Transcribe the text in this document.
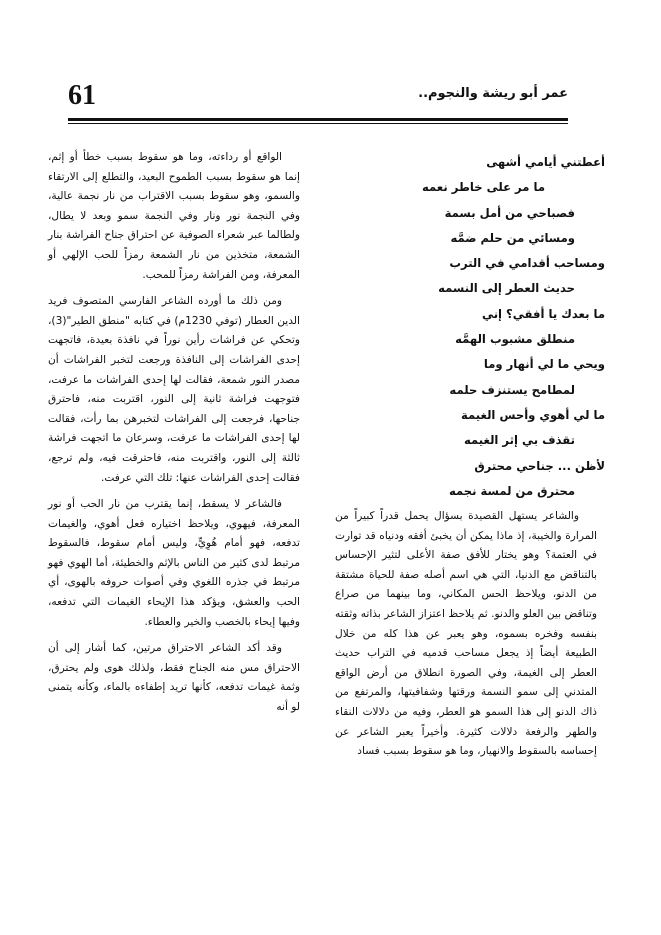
61	عمر أبو ريشة والنجوم..
أعطتني أيامي أشهى
ما مر على خاطر نعمه
فصباحي من أمل بسمة
ومسائي من حلم ضمَّه
ومساحب أقدامي في الترب
حديث العطر إلى النسمه
ما بعدك يا أفقي؟ إني
منطلق مشبوب الهمَّه
ويحي ما لي أنهار وما
لمطامح يستنزف حلمه
ما لي أهوي وأحس الغيمة
تقذف بي إثر الغيمه
لأظن ... جناحي محترق
محترق من لمسة نجمه

والشاعر يستهل القصيدة بسؤال يحمل قدراً كبيراً من المرارة والخيبة، إذ ماذا يمكن أن يخبئ أفقه ودنياه قد توارت في العتمة؟ وهو يختار للأفق صفة الأعلى لتثير الإحساس بالتناقض مع الدنيا، التي هي اسم أصله صفة للحياة مشتقة من الدنو، ويلاحظ الحس المكاني، وما بينهما من صراع وتناقض بين العلو والدنو. ثم يلاحظ اعتزاز الشاعر بذاته وثقته بنفسه وفخره بسموه، وهو يعبر عن هذا كله من خلال الطبيعة أيضاً إذ يجعل مساحب قدميه في التراب حديث العطر إلى الغيمة، وفي الصورة انطلاق من أرض الواقع المتدني إلى سمو النسمة ورقتها وشفافيتها، والمرتفع من ذاك الدنو إلى هذا السمو هو العطر، وفيه من دلالات النقاء والطهر والرفعة دلالات كثيرة. وأخيراً يعبر الشاعر عن إحساسه بالسقوط والانهيار، وما هو سقوط بسبب فساد

الواقع أو رداءته، وما هو سقوط بسبب خطأ أو إثم، إنما هو سقوط بسبب الطموح البعيد، والتطلع إلى الارتقاء والسمو، وهو سقوط بسبب الاقتراب من نار نجمة عالية، وفي النجمة نور ونار وفي النجمة سمو وبعد لا يطال، ولطالما عبر شعراء الصوفية عن احتراق جناح الفراشة بنار الشمعة، متخذين من نار الشمعة رمزاً للحب الإلهي أو المعرفة، ومن الفراشة رمزاً للمحب.

ومن ذلك ما أورده الشاعر الفارسي المتصوف فريد الدين العطار (توفي 1230م) في كتابه "منطق الطير"(3)، وتحكي عن فراشات رأين نوراً في نافذة بعيدة، فاتجهت إحدى الفراشات إلى النافذة ورجعت لتخبر الفراشات أن مصدر النور شمعة، فقالت لها إحدى الفراشات ما عرفت، فتوجهت فراشة ثانية إلى النور، اقتربت منه، فاحترق جناحها، فرجعت إلى الفراشات لتخبرهن بما رأت، فقالت لها إحدى الفراشات ما عرفت، وسرعان ما اتجهت فراشة ثالثة إلى النور، واقتربت منه، فاحترقت فيه، ولم ترجع، فقالت إحدى الفراشات عنها: تلك التي عرفت.

فالشاعر لا يسقط، إنما يقترب من نار الحب أو نور المعرفة، فيهوي، ويلاحظ اختياره فعل أهوي، والغيمات تدفعه، فهو أمام هُوِيٍّ، وليس أمام سقوط، فالسقوط مرتبط لدى كثير من الناس بالإثم والخطيئة، أما الهوي فهو مرتبط في جذره اللغوي وفي أصوات حروفه بالهوى، أي الحب والعشق، ويؤكد هذا الإيحاء الغيمات التي تدفعه، وفيها إيحاء بالخصب والخير والعطاء.

وقد أكد الشاعر الاحتراق مرتين، كما أشار إلى أن الاحتراق مس منه الجناح فقط، ولذلك هوى ولم يحترق، وثمة غيمات تدفعه، كأنها تريد إطفاءه بالماء، وكأنه يتمنى لو أنه
